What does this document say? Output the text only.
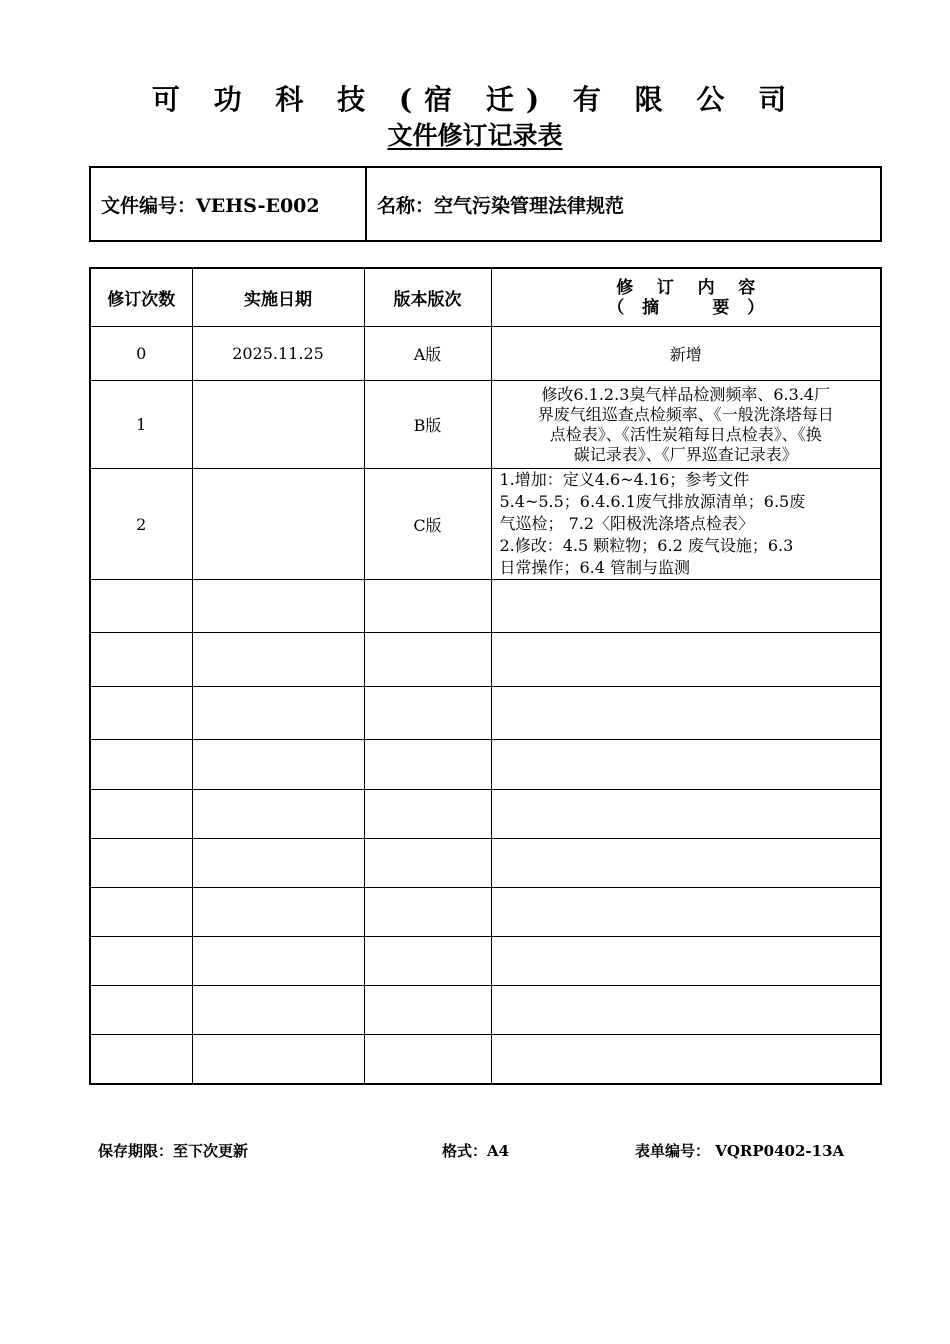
可 功 科 技 (宿 迁) 有 限 公 司
文件修订记录表
文件编号：VEHS-E002	名称：空气污染管理法律规范
修订次数	实施日期	版本版次	修    订    内    容
（   摘         要   ）

0	2025.11.25	A版	新增
1		B版	修改6.1.2.3臭气样品检测频率、6.3.4厂
界废气组巡查点检频率、《一般洗涤塔每日
点检表》、《活性炭箱每日点检表》、《换
碳记录表》、《厂界巡查记录表》

2		C版	1.增加：定义4.6~4.16；参考文件
5.4~5.5；6.4.6.1废气排放源清单；6.5废
气巡检； 7.2〈阳极洗涤塔点检表〉
2.修改：4.5 颗粒物；6.2 废气设施；6.3
日常操作；6.4 管制与监测

保存期限：至下次更新	格式：A4	表单编号： VQRP0402-13A
